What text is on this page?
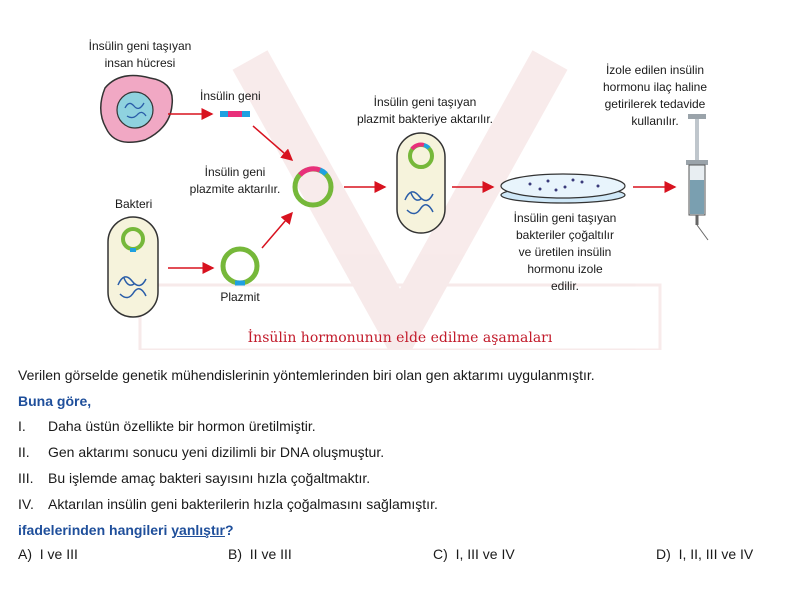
İnsülin geni taşıyan
insan hücresi
İnsülin geni
İnsülin geni
plazmite aktarılır.
Bakteri
Plazmit
İnsülin geni taşıyan
plazmit bakteriye aktarılır.
İnsülin geni taşıyan
bakteriler çoğaltılır
ve üretilen insülin
hormonu izole
edilir.
İzole edilen insülin
hormonu ilaç haline
getirilerek tedavide
kullanılır.
İnsülin hormonunun elde edilme aşamaları
Verilen görselde genetik mühendislerinin yöntemlerinden biri olan gen aktarımı uygulanmıştır.
Buna göre,
I. Daha üstün özellikte bir hormon üretilmiştir.
II. Gen aktarımı sonucu yeni dizilimli bir DNA oluşmuştur.
III. Bu işlemde amaç bakteri sayısını hızla çoğaltmaktır.
IV. Aktarılan insülin geni bakterilerin hızla çoğalmasını sağlamıştır.
ifadelerinden hangileri yanlıştır?
A) I ve III	B) II ve III	C) I, III ve IV	D) I, II, III ve IV
